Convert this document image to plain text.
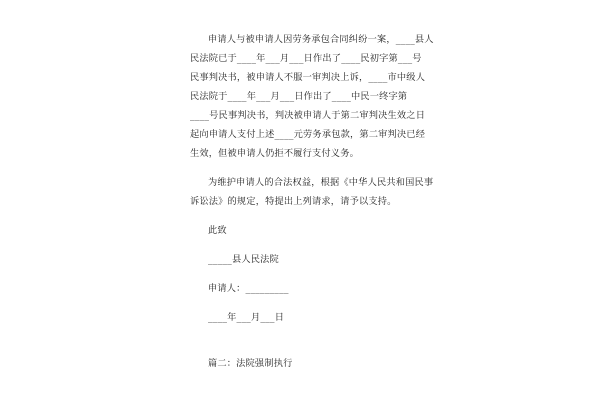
申请人与被申请人因劳务承包合同纠纷一案，____县人
民法院已于____年___月___日作出了____民初字第___号
民事判决书，被申请人不服一审判决上诉，____市中级人
民法院于____年___月___日作出了____中民一终字第
____号民事判决书，判决被申请人于第二审判决生效之日
起向申请人支付上述____元劳务承包款，第二审判决已经
生效，但被申请人仍拒不履行支付义务。
为维护申请人的合法权益，根据《中华人民共和国民事
诉讼法》的规定，特提出上列请求，请予以支持。
此致
_____县人民法院
申请人：_________
____年___月___日
篇二：法院强制执行
